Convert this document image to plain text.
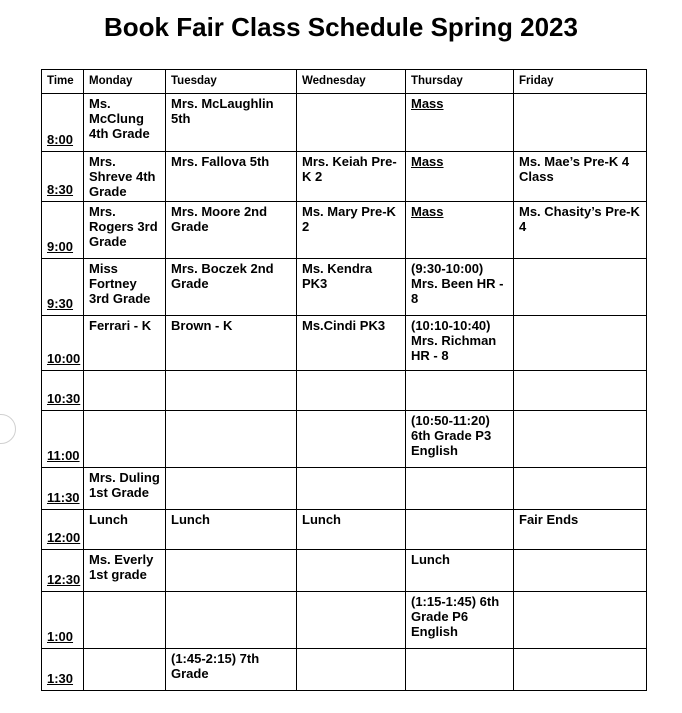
Book Fair Class Schedule Spring 2023
Time	Monday	Tuesday	Wednesday	Thursday	Friday
8:00	Ms. McClung 4th Grade	Mrs. McLaughlin 5th		Mass	
8:30	Mrs. Shreve 4th Grade	Mrs. Fallova 5th	Mrs. Keiah Pre-K 2	Mass	Ms. Mae’s Pre-K 4 Class
9:00	Mrs. Rogers 3rd Grade	Mrs. Moore 2nd Grade	Ms. Mary Pre-K 2	Mass	Ms. Chasity’s Pre-K 4
9:30	Miss Fortney 3rd Grade	Mrs. Boczek 2nd Grade	Ms. Kendra PK3	(9:30-10:00) Mrs. Been HR - 8	
10:00	Ferrari - K	Brown - K	Ms.Cindi PK3	(10:10-10:40) Mrs. Richman HR - 8	
10:30					
11:00				(10:50-11:20) 6th Grade P3 English	
11:30	Mrs. Duling 1st Grade				
12:00	Lunch	Lunch	Lunch		Fair Ends
12:30	Ms. Everly 1st grade			Lunch	
1:00				(1:15-1:45) 6th Grade P6 English	
1:30		(1:45-2:15) 7th Grade			
